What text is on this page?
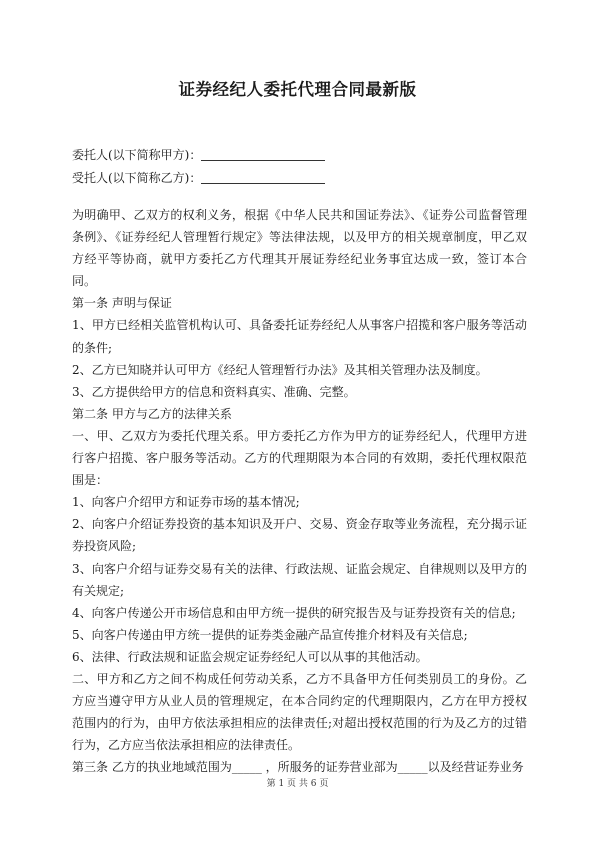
证券经纪人委托代理合同最新版
委托人(以下简称甲方)：
受托人(以下简称乙方)：

为明确甲、乙双方的权利义务，根据《中华人民共和国证券法》、《证券公司监督管理条例》、《证券经纪人管理暂行规定》等法律法规，以及甲方的相关规章制度，甲乙双方经平等协商，就甲方委托乙方代理其开展证券经纪业务事宜达成一致，签订本合同。

第一条 声明与保证

1、甲方已经相关监管机构认可、具备委托证券经纪人从事客户招揽和客户服务等活动的条件;

2、乙方已知晓并认可甲方《经纪人管理暂行办法》及其相关管理办法及制度。

3、乙方提供给甲方的信息和资料真实、准确、完整。

第二条 甲方与乙方的法律关系

一、甲、乙双方为委托代理关系。甲方委托乙方作为甲方的证券经纪人，代理甲方进行客户招揽、客户服务等活动。乙方的代理期限为本合同的有效期，委托代理权限范围是：

1、向客户介绍甲方和证券市场的基本情况;

2、向客户介绍证券投资的基本知识及开户、交易、资金存取等业务流程，充分揭示证券投资风险;

3、向客户介绍与证券交易有关的法律、行政法规、证监会规定、自律规则以及甲方的有关规定;

4、向客户传递公开市场信息和由甲方统一提供的研究报告及与证券投资有关的信息;

5、向客户传递由甲方统一提供的证券类金融产品宣传推介材料及有关信息;

6、法律、行政法规和证监会规定证券经纪人可以从事的其他活动。

二、甲方和乙方之间不构成任何劳动关系，乙方不具备甲方任何类别员工的身份。乙方应当遵守甲方从业人员的管理规定，在本合同约定的代理期限内，乙方在甲方授权范围内的行为，由甲方依法承担相应的法律责任;对超出授权范围的行为及乙方的过错行为，乙方应当依法承担相应的法律责任。

第三条 乙方的执业地域范围为_____ ，所服务的证券营业部为_____以及经营证券业务

第 1 页 共 6 页
